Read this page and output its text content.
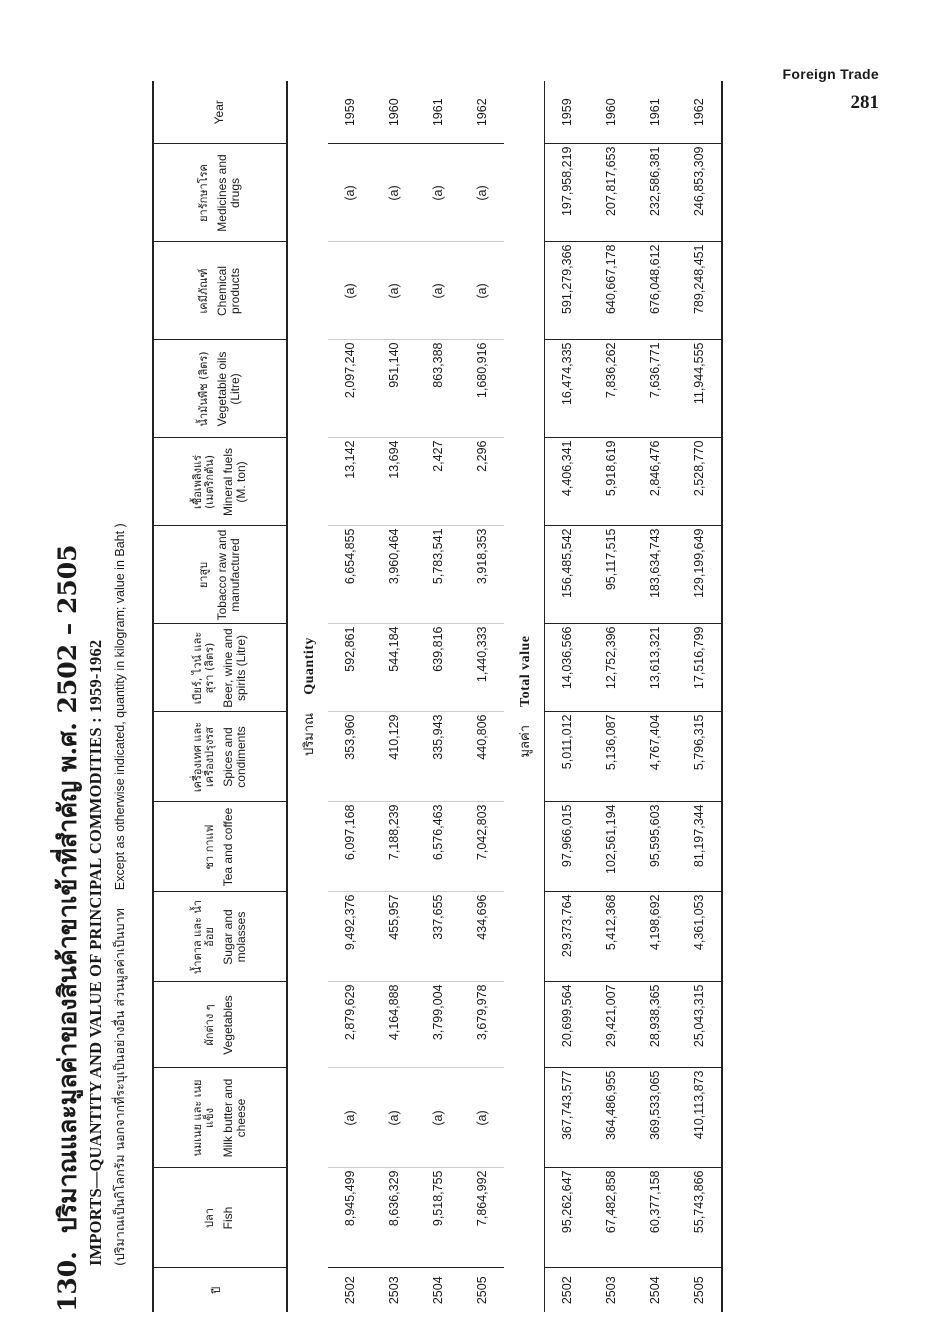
Foreign Trade
281
130.ปริมาณและมูลค่าของสินค้าขาเข้าที่สำคัญ พ.ศ. 2502 – 2505 IMPORTS—QUANTITY AND VALUE OF PRINCIPAL COMMODITIES : 1959-1962 (ปริมาณเป็นกิโลกรัม นอกจากที่ระบุเป็นอย่างอื่น ส่วนมูลค่าเป็นบาทExcept as otherwise indicated, quantity in kilogram; value in Baht )
ปี	ปลา Fish	นมเนย และ เนยแข็ง Milk butter and cheese	ผักต่าง ๆ Vegetables	น้ำตาล และ น้ำอ้อย Sugar and molasses	ชา กาแฟ Tea and coffee	เครื่องเทศ และเครื่องปรุงรส Spices and condiments	เบียร์, ไวน์ และสุรา (ลิตร) Beer, wine and spirits (Litre)	ยาสูบ Tobacco raw and manufactured	เชื้อเพลิงแร่ (เมตริกตัน) Mineral fuels (M. ton)	น้ำมันพืช (ลิตร) Vegetable oils (Litre)	เคมีภัณฑ์ Chemical products	ยารักษาโรค Medicines and drugs	Year

ปริมาณQuantity													
2502	8,945,499	(a)	2,879,629	9,492,376	6,097,168	353,960	592,861	6,654,855	13,142	2,097,240	(a)	(a)	1959
2503	8,636,329	(a)	4,164,888	455,957	7,188,239	410,129	544,184	3,960,464	13,694	951,140	(a)	(a)	1960
2504	9,518,755	(a)	3,799,004	337,655	6,576,463	335,943	639,816	5,783,541	2,427	863,388	(a)	(a)	1961
2505	7,864,992	(a)	3,679,978	434,696	7,042,803	440,806	1,440,333	3,918,353	2,296	1,680,916	(a)	(a)	1962
มูลค่าTotal value													
2502	95,262,647	367,743,577	20,699,564	29,373,764	97,966,015	5,011,012	14,036,566	156,485,542	4,406,341	16,474,335	591,279,366	197,958,219	1959
2503	67,482,858	364,486,955	29,421,007	5,412,368	102,561,194	5,136,087	12,752,396	95,117,515	5,918,619	7,836,262	640,667,178	207,817,653	1960
2504	60,377,158	369,533,065	28,938,365	4,198,692	95,595,603	4,767,404	13,613,321	183,634,743	2,846,476	7,636,771	676,048,612	232,586,381	1961
2505	55,743,866	410,113,873	25,043,315	4,361,053	81,197,344	5,796,315	17,516,799	129,199,649	2,528,770	11,944,555	789,248,451	246,853,309	1962
